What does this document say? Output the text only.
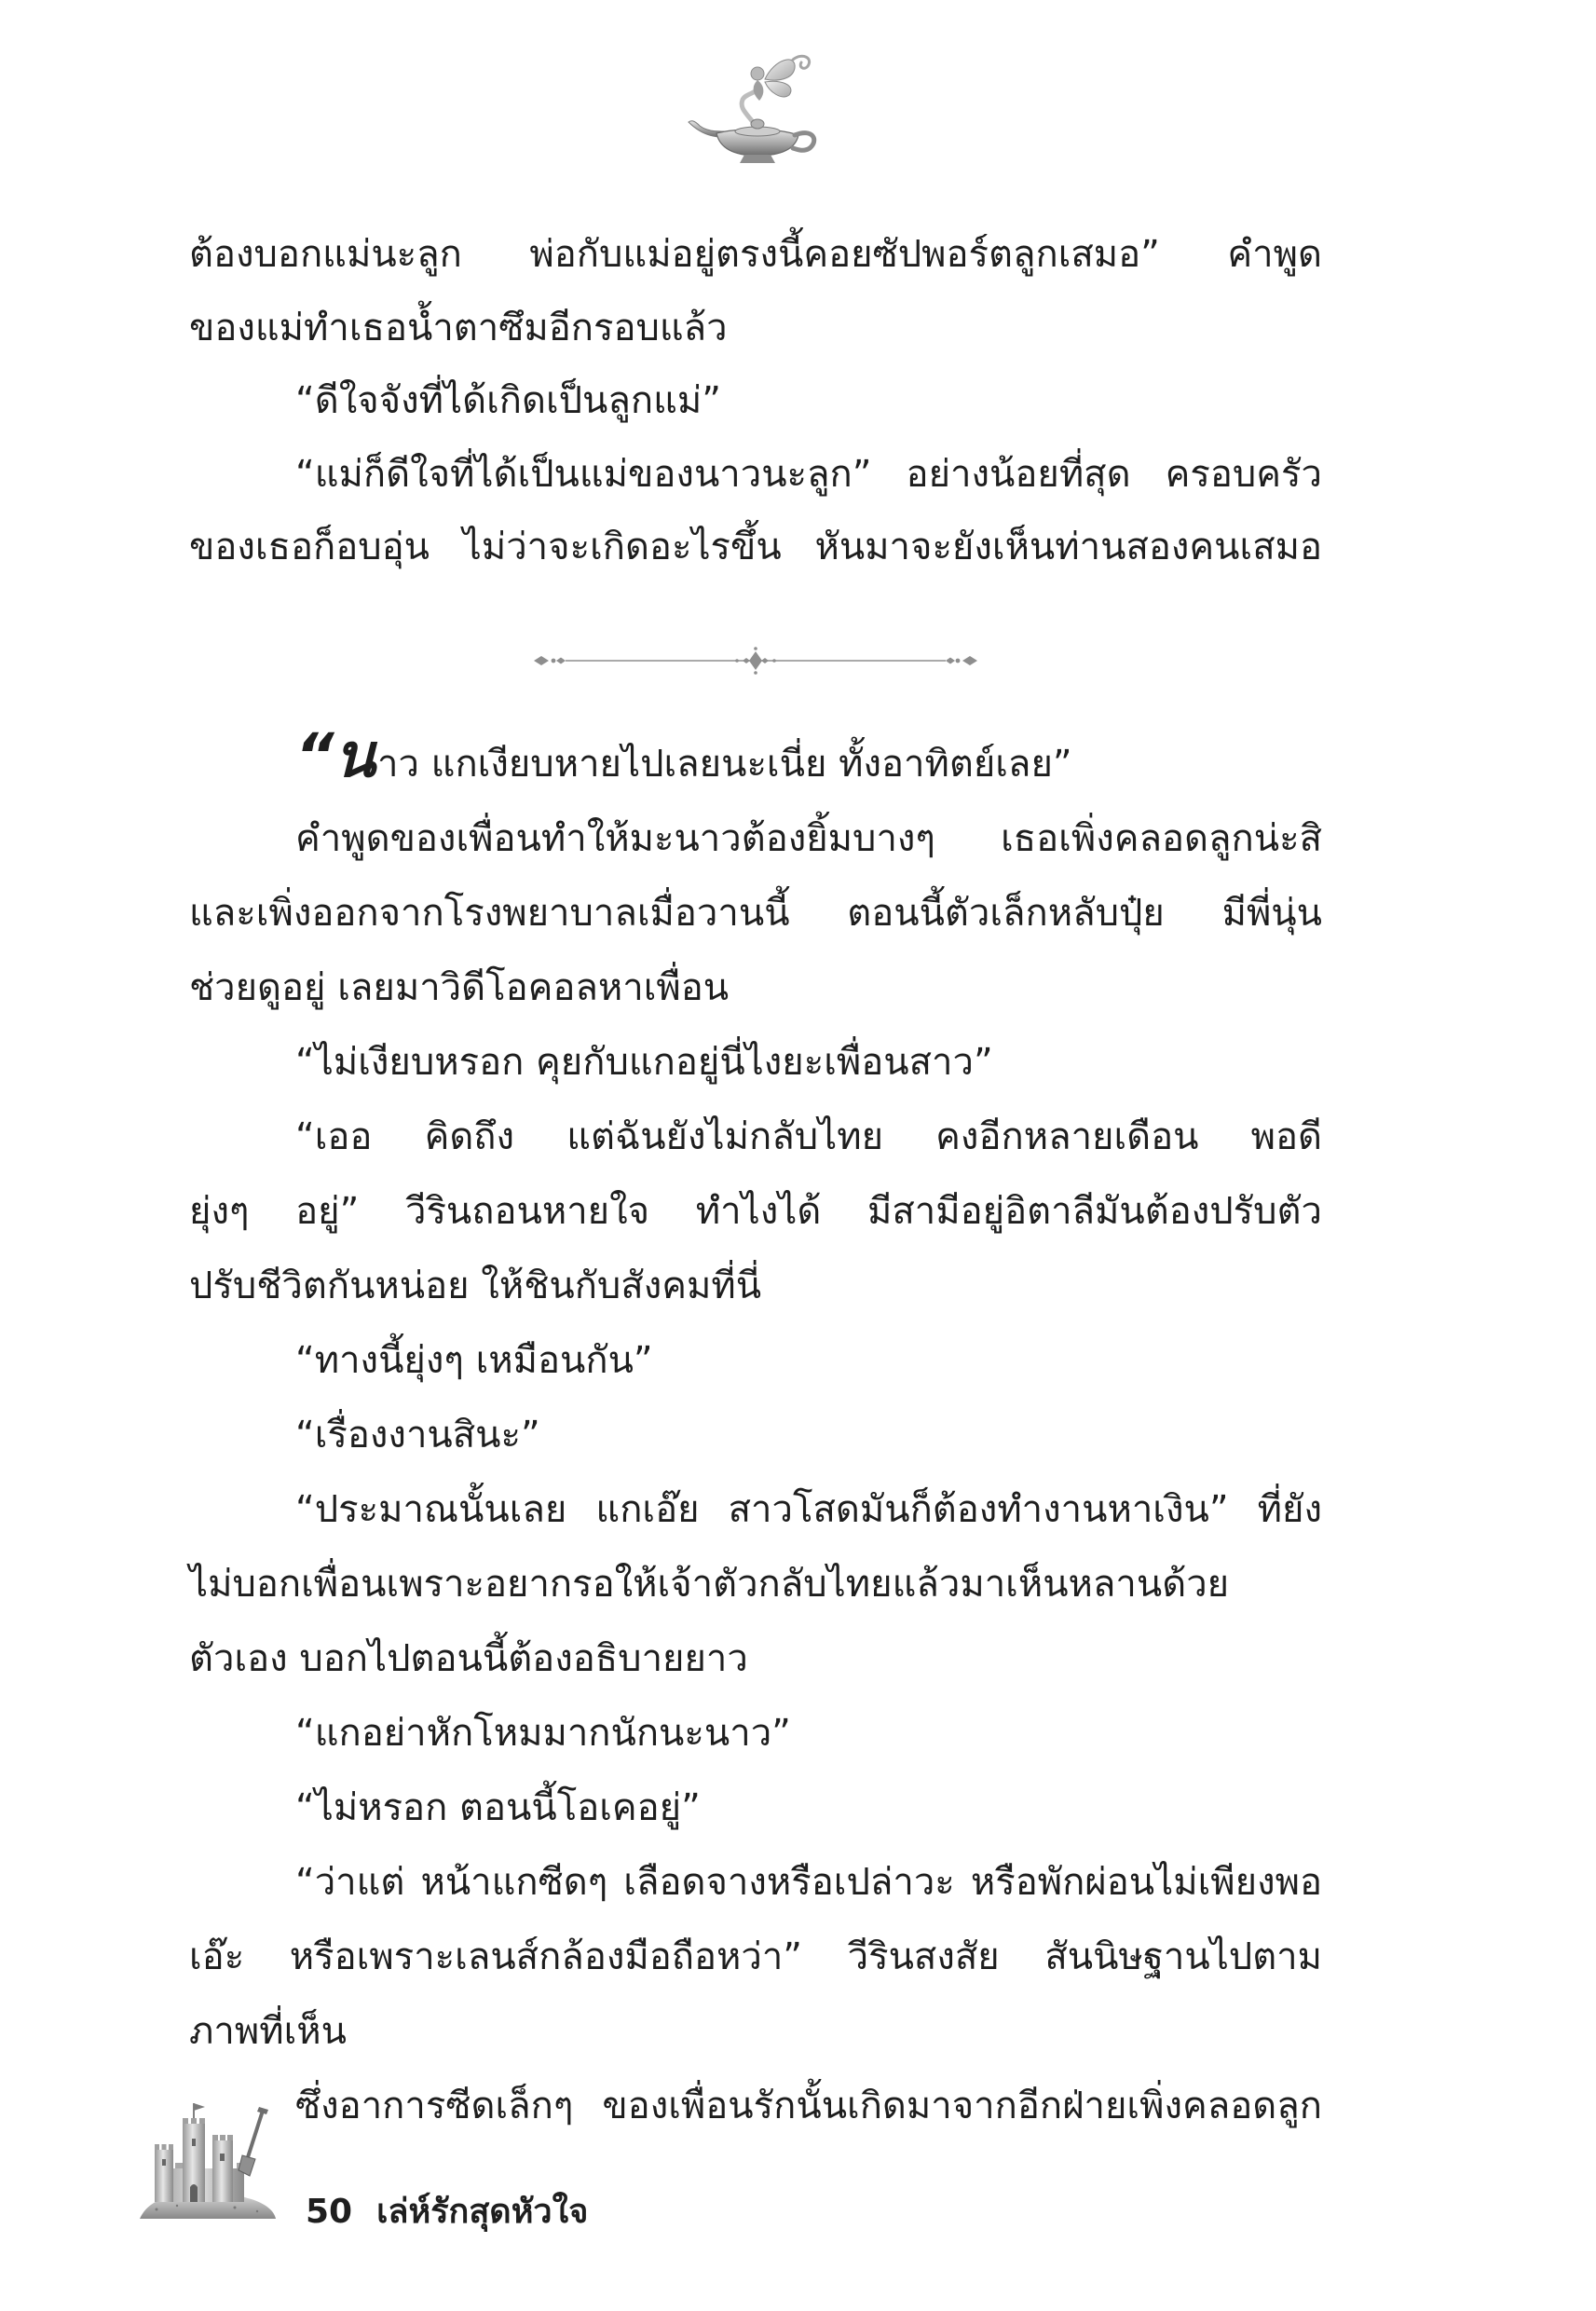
ต้องบอกแม่นะลูก พ่อกับแม่อยู่ตรงนี้คอยซัปพอร์ตลูกเสมอ” คำพูด
ของแม่ทำเธอน้ำตาซึมอีกรอบแล้ว
“ดีใจจังที่ได้เกิดเป็นลูกแม่”
“แม่ก็ดีใจที่ได้เป็นแม่ของนาวนะลูก” อย่างน้อยที่สุด ครอบครัว
ของเธอก็อบอุ่น ไม่ว่าจะเกิดอะไรขึ้น หันมาจะยังเห็นท่านสองคนเสมอ
“นาว แกเงียบหายไปเลยนะเนี่ย ทั้งอาทิตย์เลย”
คำพูดของเพื่อนทำให้มะนาวต้องยิ้มบางๆ เธอเพิ่งคลอดลูกน่ะสิ
และเพิ่งออกจากโรงพยาบาลเมื่อวานนี้ ตอนนี้ตัวเล็กหลับปุ๋ย มีพี่นุ่น
ช่วยดูอยู่ เลยมาวิดีโอคอลหาเพื่อน
“ไม่เงียบหรอก คุยกับแกอยู่นี่ไงยะเพื่อนสาว”
“เออ คิดถึง แต่ฉันยังไม่กลับไทย คงอีกหลายเดือน พอดี
ยุ่งๆ อยู่” วีรินถอนหายใจ ทำไงได้ มีสามีอยู่อิตาลีมันต้องปรับตัว
ปรับชีวิตกันหน่อย ให้ชินกับสังคมที่นี่
“ทางนี้ยุ่งๆ เหมือนกัน”
“เรื่องงานสินะ”
“ประมาณนั้นเลย แกเอ๊ย สาวโสดมันก็ต้องทำงานหาเงิน” ที่ยัง
ไม่บอกเพื่อนเพราะอยากรอให้เจ้าตัวกลับไทยแล้วมาเห็นหลานด้วย
ตัวเอง บอกไปตอนนี้ต้องอธิบายยาว
“แกอย่าหักโหมมากนักนะนาว”
“ไม่หรอก ตอนนี้โอเคอยู่”
“ว่าแต่ หน้าแกซีดๆ เลือดจางหรือเปล่าวะ หรือพักผ่อนไม่เพียงพอ
เอ๊ะ หรือเพราะเลนส์กล้องมือถือหว่า” วีรินสงสัย สันนิษฐานไปตาม
ภาพที่เห็น
ซึ่งอาการซีดเล็กๆ ของเพื่อนรักนั้นเกิดมาจากอีกฝ่ายเพิ่งคลอดลูก
50 เล่ห์รักสุดหัวใจ
